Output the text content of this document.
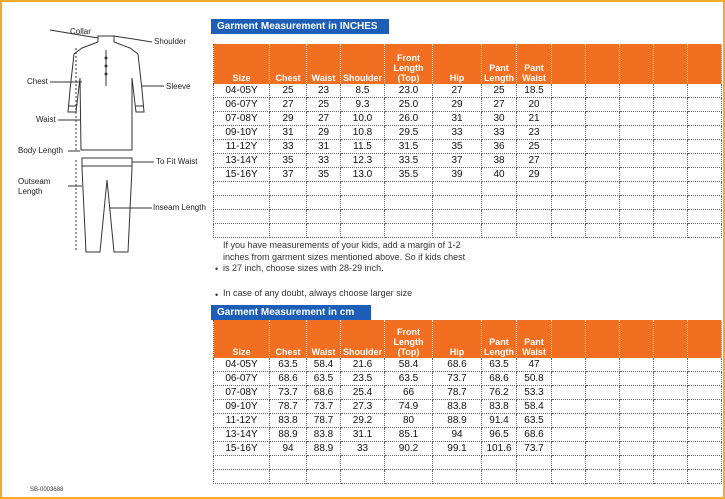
Collar
Shoulder
Chest
Sleeve
Waist
Body Length
To Fit Waist
Outseam
Length
Inseam Length
Garment Measurement in INCHES
Size	Chest	Waist	Shoulder	Front
Length
(Top)	Hip	Pant
Length	Pant
Waist					
04-05Y	25	23	8.5	23.0	27	25	18.5					
06-07Y	27	25	9.3	25.0	29	27	20					
07-08Y	29	27	10.0	26.0	31	30	21					
09-10Y	31	29	10.8	29.5	33	33	23					
11-12Y	33	31	11.5	31.5	35	36	25					
13-14Y	35	33	12.3	33.5	37	38	27					
15-16Y	37	35	13.0	35.5	39	40	29					

If you have measurements of your kids, add a margin of 1-2 inches from garment sizes mentioned above. So if kids chest is 27 inch, choose sizes with 28-29 inch.
•
In case of any doubt, always choose larger size
•
Garment Measurement in cm
Size	Chest	Waist	Shoulder	Front
Length
(Top)	Hip	Pant
Length	Pant
Waist					
04-05Y	63.5	58.4	21.6	58.4	68.6	63.5	47					
06-07Y	68.6	63.5	23.5	63.5	73.7	68.6	50.8					
07-08Y	73.7	68.6	25.4	66	78.7	76.2	53.3					
09-10Y	78.7	73.7	27.3	74.9	83.8	83.8	58.4					
11-12Y	83.8	78.7	29.2	80	88.9	91.4	63.5					
13-14Y	88.9	83.8	31.1	85.1	94	96.5	68.6					
15-16Y	94	88.9	33	90.2	99.1	101.6	73.7					

SB-0003688
